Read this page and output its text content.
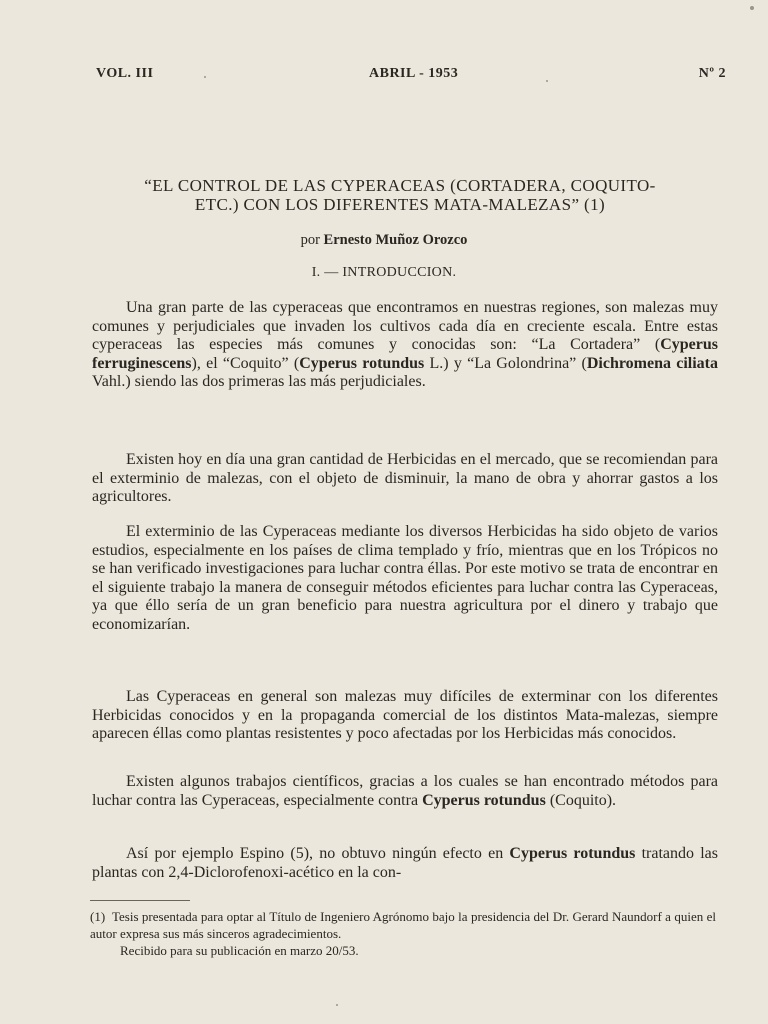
VOL. III	ABRIL - 1953	Nº 2
“EL CONTROL DE LAS CYPERACEAS (CORTADERA, COQUITO-
ETC.) CON LOS DIFERENTES MATA-MALEZAS” (1)
por Ernesto Muñoz Orozco
I. — INTRODUCCION.

Una gran parte de las cyperaceas que encontramos en nuestras regiones, son malezas muy comunes y perjudiciales que invaden los cultivos cada día en creciente escala. Entre estas cyperaceas las especies más comunes y conocidas son: “La Cortadera” (Cyperus ferruginescens), el “Coquito” (Cyperus rotundus L.) y “La Golondrina” (Dichromena ciliata Vahl.) siendo las dos primeras las más perjudiciales.

Existen hoy en día una gran cantidad de Herbicidas en el mercado, que se recomiendan para el exterminio de malezas, con el objeto de disminuir, la mano de obra y ahorrar gastos a los agricultores.

El exterminio de las Cyperaceas mediante los diversos Herbicidas ha sido objeto de varios estudios, especialmente en los países de clima templado y frío, mientras que en los Trópicos no se han verificado investigaciones para luchar contra éllas. Por este motivo se trata de encontrar en el siguiente trabajo la manera de conseguir métodos eficientes para luchar contra las Cyperaceas, ya que éllo sería de un gran beneficio para nuestra agricultura por el dinero y trabajo que economizarían.

Las Cyperaceas en general son malezas muy difíciles de exterminar con los diferentes Herbicidas conocidos y en la propaganda comercial de los distintos Mata-malezas, siempre aparecen éllas como plantas resistentes y poco afectadas por los Herbicidas más conocidos.

Existen algunos trabajos científicos, gracias a los cuales se han encontrado métodos para luchar contra las Cyperaceas, especialmente contra Cyperus rotundus (Coquito).

Así por ejemplo Espino (5), no obtuvo ningún efecto en Cyperus rotundus tratando las plantas con 2,4-Diclorofenoxi-acético en la con-

(1) Tesis presentada para optar al Título de Ingeniero Agrónomo bajo la presidencia del Dr. Gerard Naundorf a quien el autor expresa sus más sinceros agradecimientos.

Recibido para su publicación en marzo 20/53.
